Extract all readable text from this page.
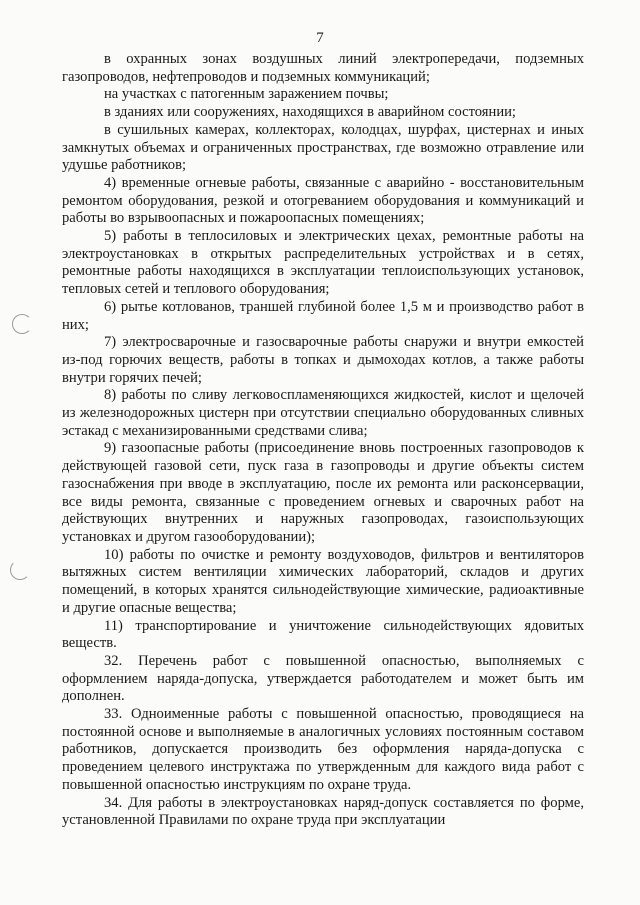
7

в охранных зонах воздушных линий электропередачи, подземных газопроводов, нефтепроводов и подземных коммуникаций;

на участках с патогенным заражением почвы;

в зданиях или сооружениях, находящихся в аварийном состоянии;

в сушильных камерах, коллекторах, колодцах, шурфах, цистернах и иных замкнутых объемах и ограниченных пространствах, где возможно отравление или удушье работников;

4) временные огневые работы, связанные с аварийно - восстановительным ремонтом оборудования, резкой и отогреванием оборудования и коммуникаций и работы во взрывоопасных и пожароопасных помещениях;

5) работы в теплосиловых и электрических цехах, ремонтные работы на электроустановках в открытых распределительных устройствах и в сетях, ремонтные работы находящихся в эксплуатации теплоиспользующих установок, тепловых сетей и теплового оборудования;

6) рытье котлованов, траншей глубиной более 1,5 м и производство работ в них;

7) электросварочные и газосварочные работы снаружи и внутри емкостей из-под горючих веществ, работы в топках и дымоходах котлов, а также работы внутри горячих печей;

8) работы по сливу легковоспламеняющихся жидкостей, кислот и щелочей из железнодорожных цистерн при отсутствии специально оборудованных сливных эстакад с механизированными средствами слива;

9) газоопасные работы (присоединение вновь построенных газопроводов к действующей газовой сети, пуск газа в газопроводы и другие объекты систем газоснабжения при вводе в эксплуатацию, после их ремонта или расконсервации, все виды ремонта, связанные с проведением огневых и сварочных работ на действующих внутренних и наружных газопроводах, газоиспользующих установках и другом газооборудовании);

10) работы по очистке и ремонту воздуховодов, фильтров и вентиляторов вытяжных систем вентиляции химических лабораторий, складов и других помещений, в которых хранятся сильнодействующие химические, радиоактивные и другие опасные вещества;

11) транспортирование и уничтожение сильнодействующих ядовитых веществ.

32. Перечень работ с повышенной опасностью, выполняемых с оформлением наряда-допуска, утверждается работодателем и может быть им дополнен.

33. Одноименные работы с повышенной опасностью, проводящиеся на постоянной основе и выполняемые в аналогичных условиях постоянным составом работников, допускается производить без оформления наряда-допуска с проведением целевого инструктажа по утвержденным для каждого вида работ с повышенной опасностью инструкциям по охране труда.

34. Для работы в электроустановках наряд-допуск составляется по форме, установленной Правилами по охране труда при эксплуатации
